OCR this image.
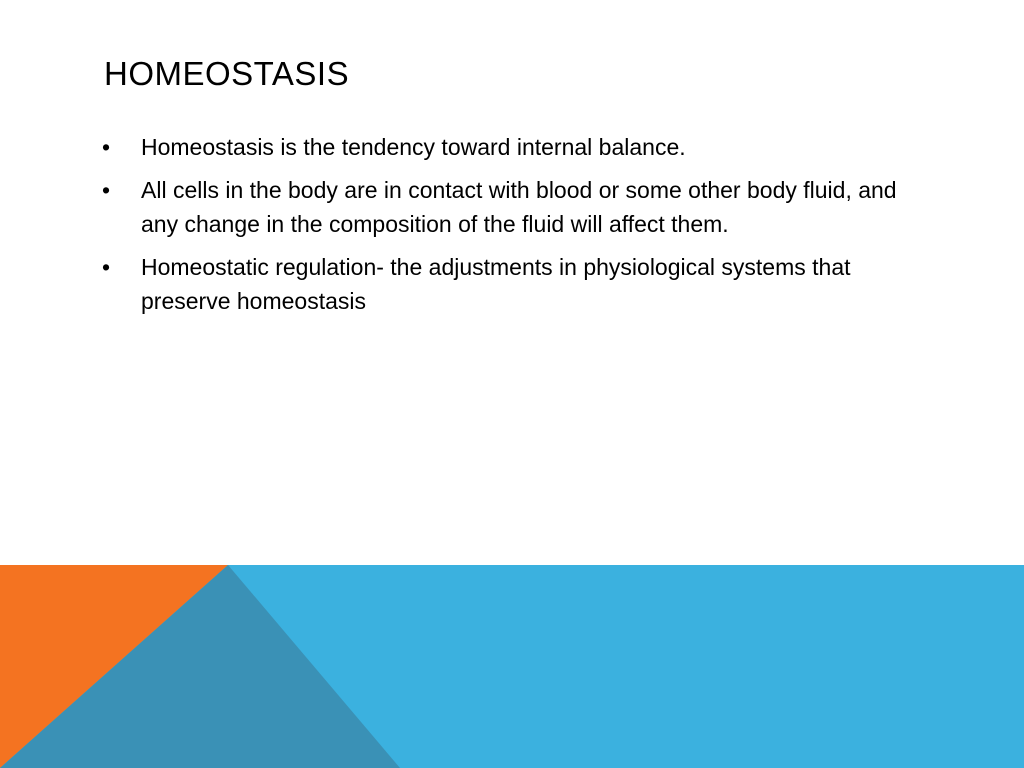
HOMEOSTASIS
•	Homeostasis is the tendency toward internal balance.
•	All cells in the body are in contact with blood or some other body fluid, and any change in the composition of the fluid will affect them.
•	Homeostatic regulation- the adjustments in physiological systems that preserve homeostasis
